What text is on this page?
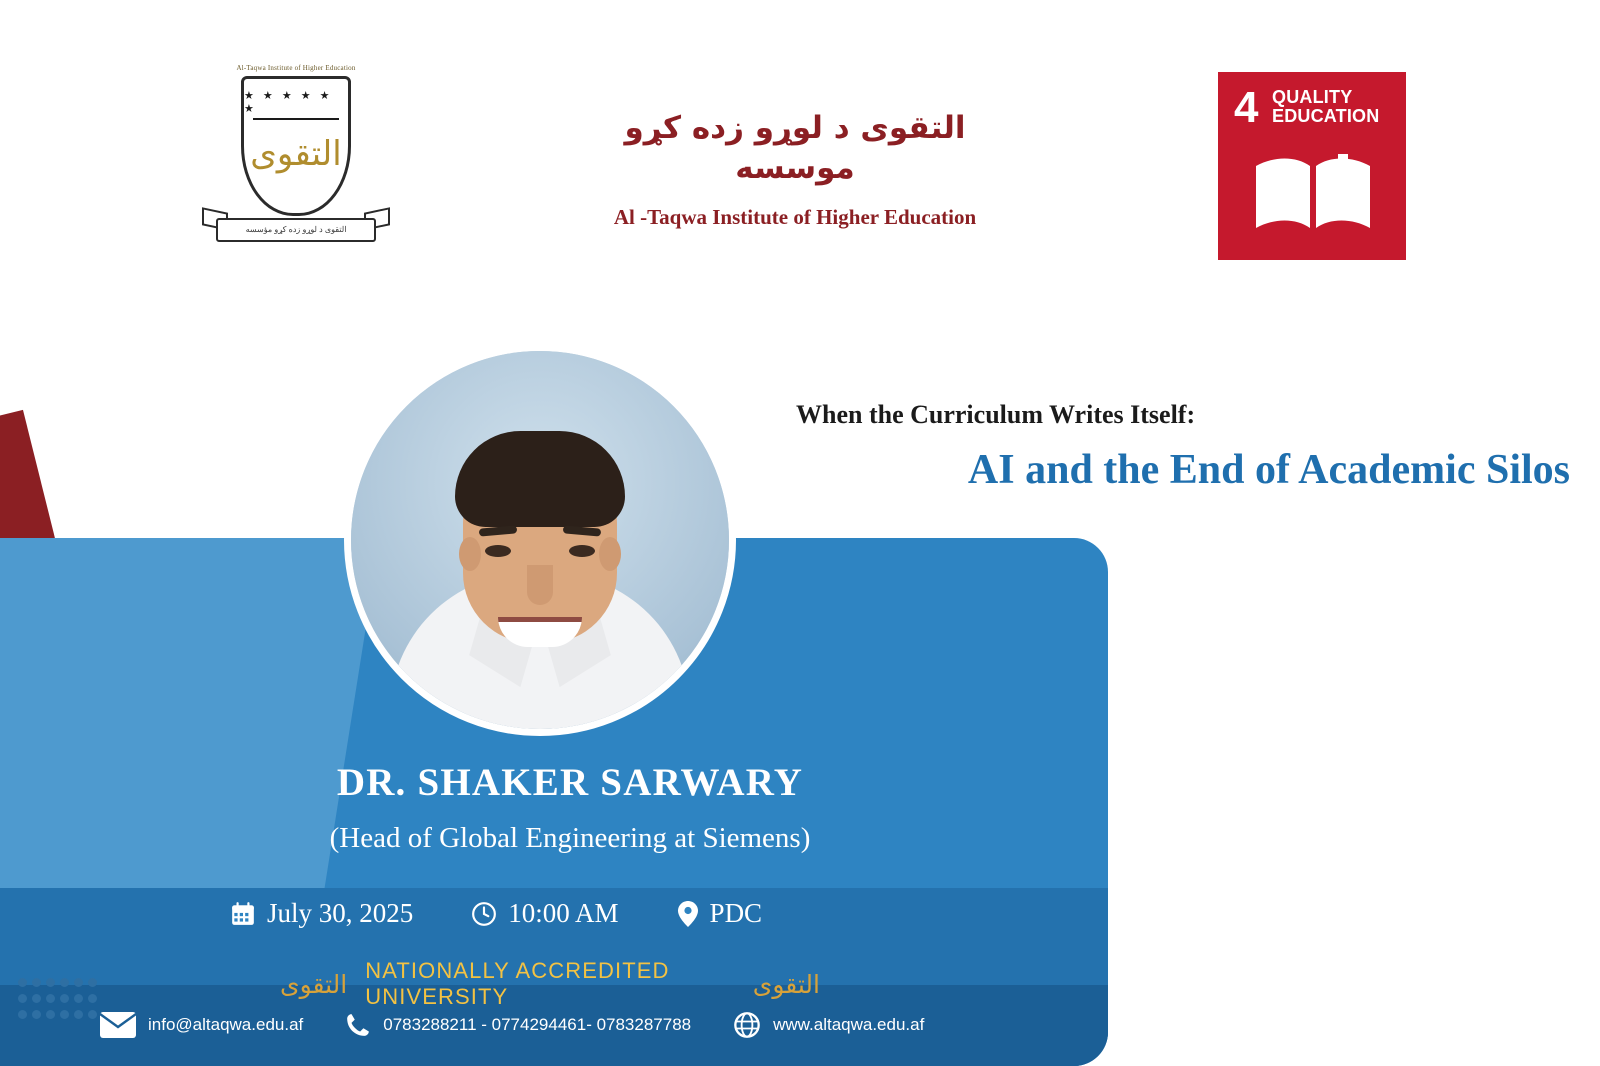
Al-Taqwa Institute of Higher Education
★ ★ ★ ★ ★ ★
التقوى
التقوی د لوړو زده کړو مؤسسه
التقوى د لوړو زده کړو موسسه
Al -Taqwa Institute of Higher Education
4 QUALITY
EDUCATION
When the Curriculum Writes Itself:
AI and the End of Academic Silos
DR. SHAKER SARWARY
(Head of Global Engineering at Siemens)
July 30, 2025	10:00 AM	PDC
التقوى NATIONALLY ACCREDITED UNIVERSITY	التقوى
info@altaqwa.edu.af	0783288211 - 0774294461- 0783287788	www.altaqwa.edu.af
